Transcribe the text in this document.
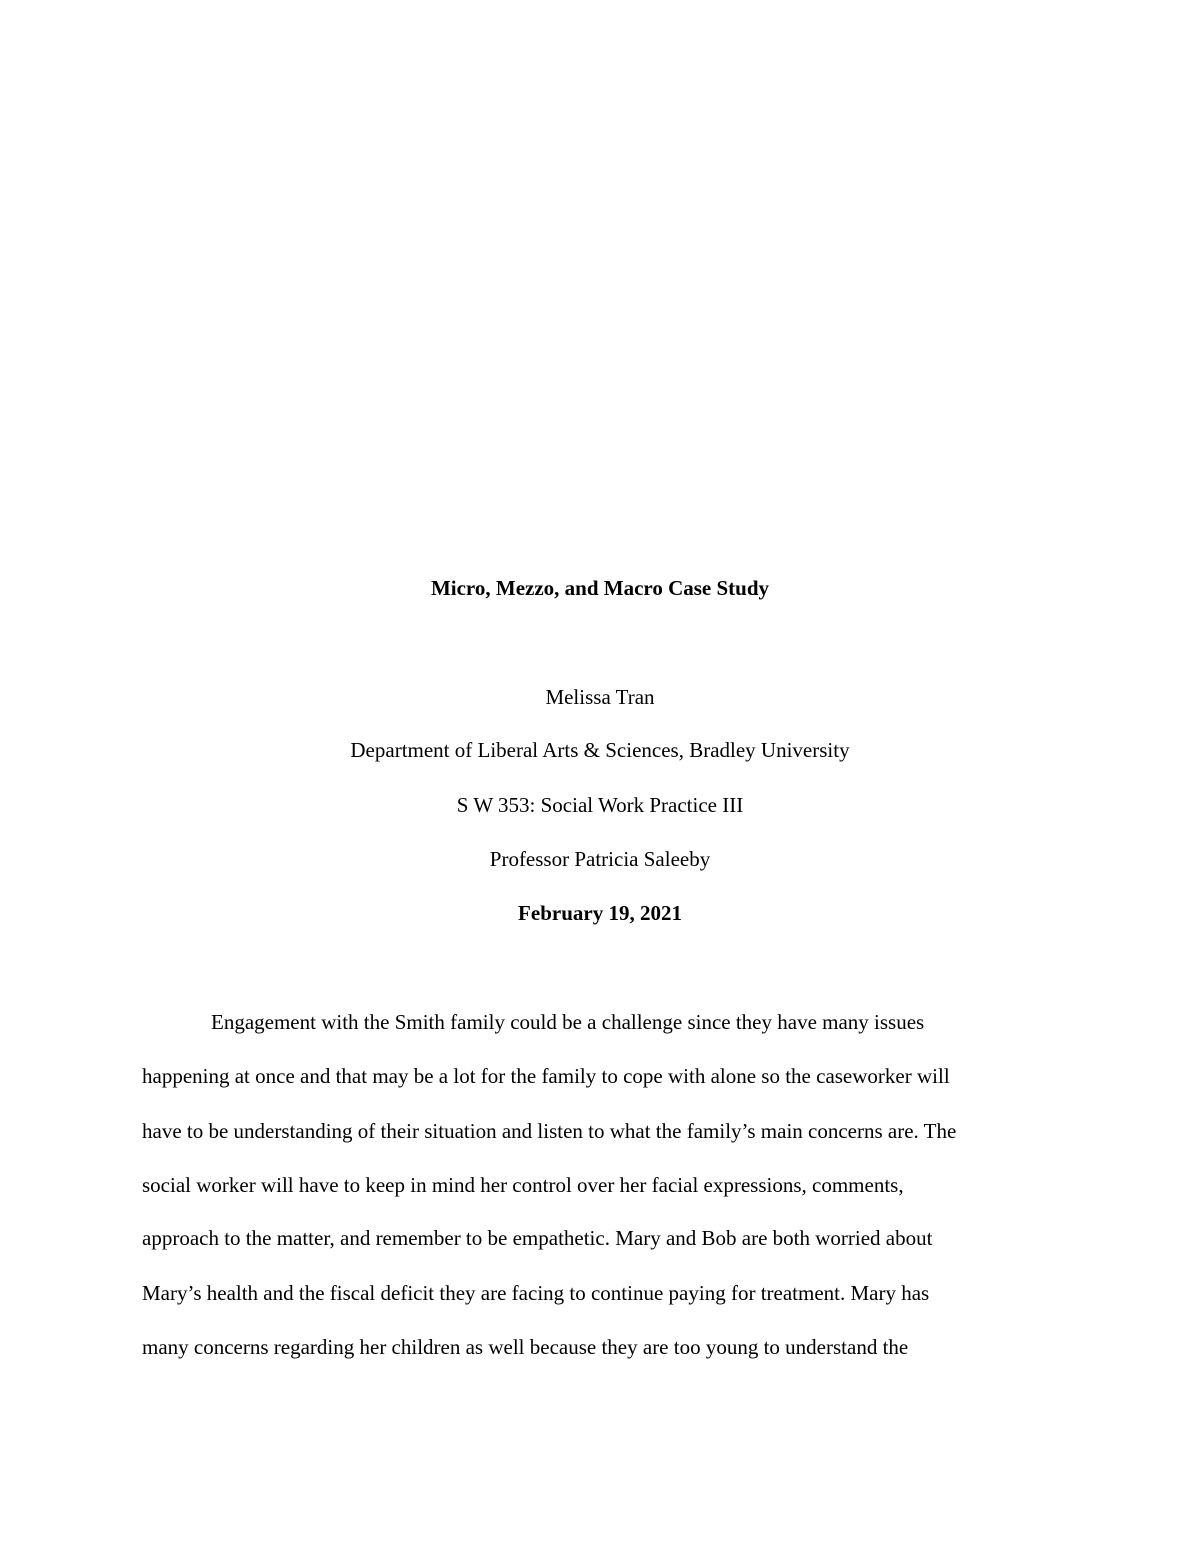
Micro, Mezzo, and Macro Case Study
Melissa Tran
Department of Liberal Arts & Sciences, Bradley University
S W 353: Social Work Practice III
Professor Patricia Saleeby
February 19, 2021
Engagement with the Smith family could be a challenge since they have many issues
happening at once and that may be a lot for the family to cope with alone so the caseworker will
have to be understanding of their situation and listen to what the family’s main concerns are. The
social worker will have to keep in mind her control over her facial expressions, comments,
approach to the matter, and remember to be empathetic. Mary and Bob are both worried about
Mary’s health and the fiscal deficit they are facing to continue paying for treatment. Mary has
many concerns regarding her children as well because they are too young to understand the
